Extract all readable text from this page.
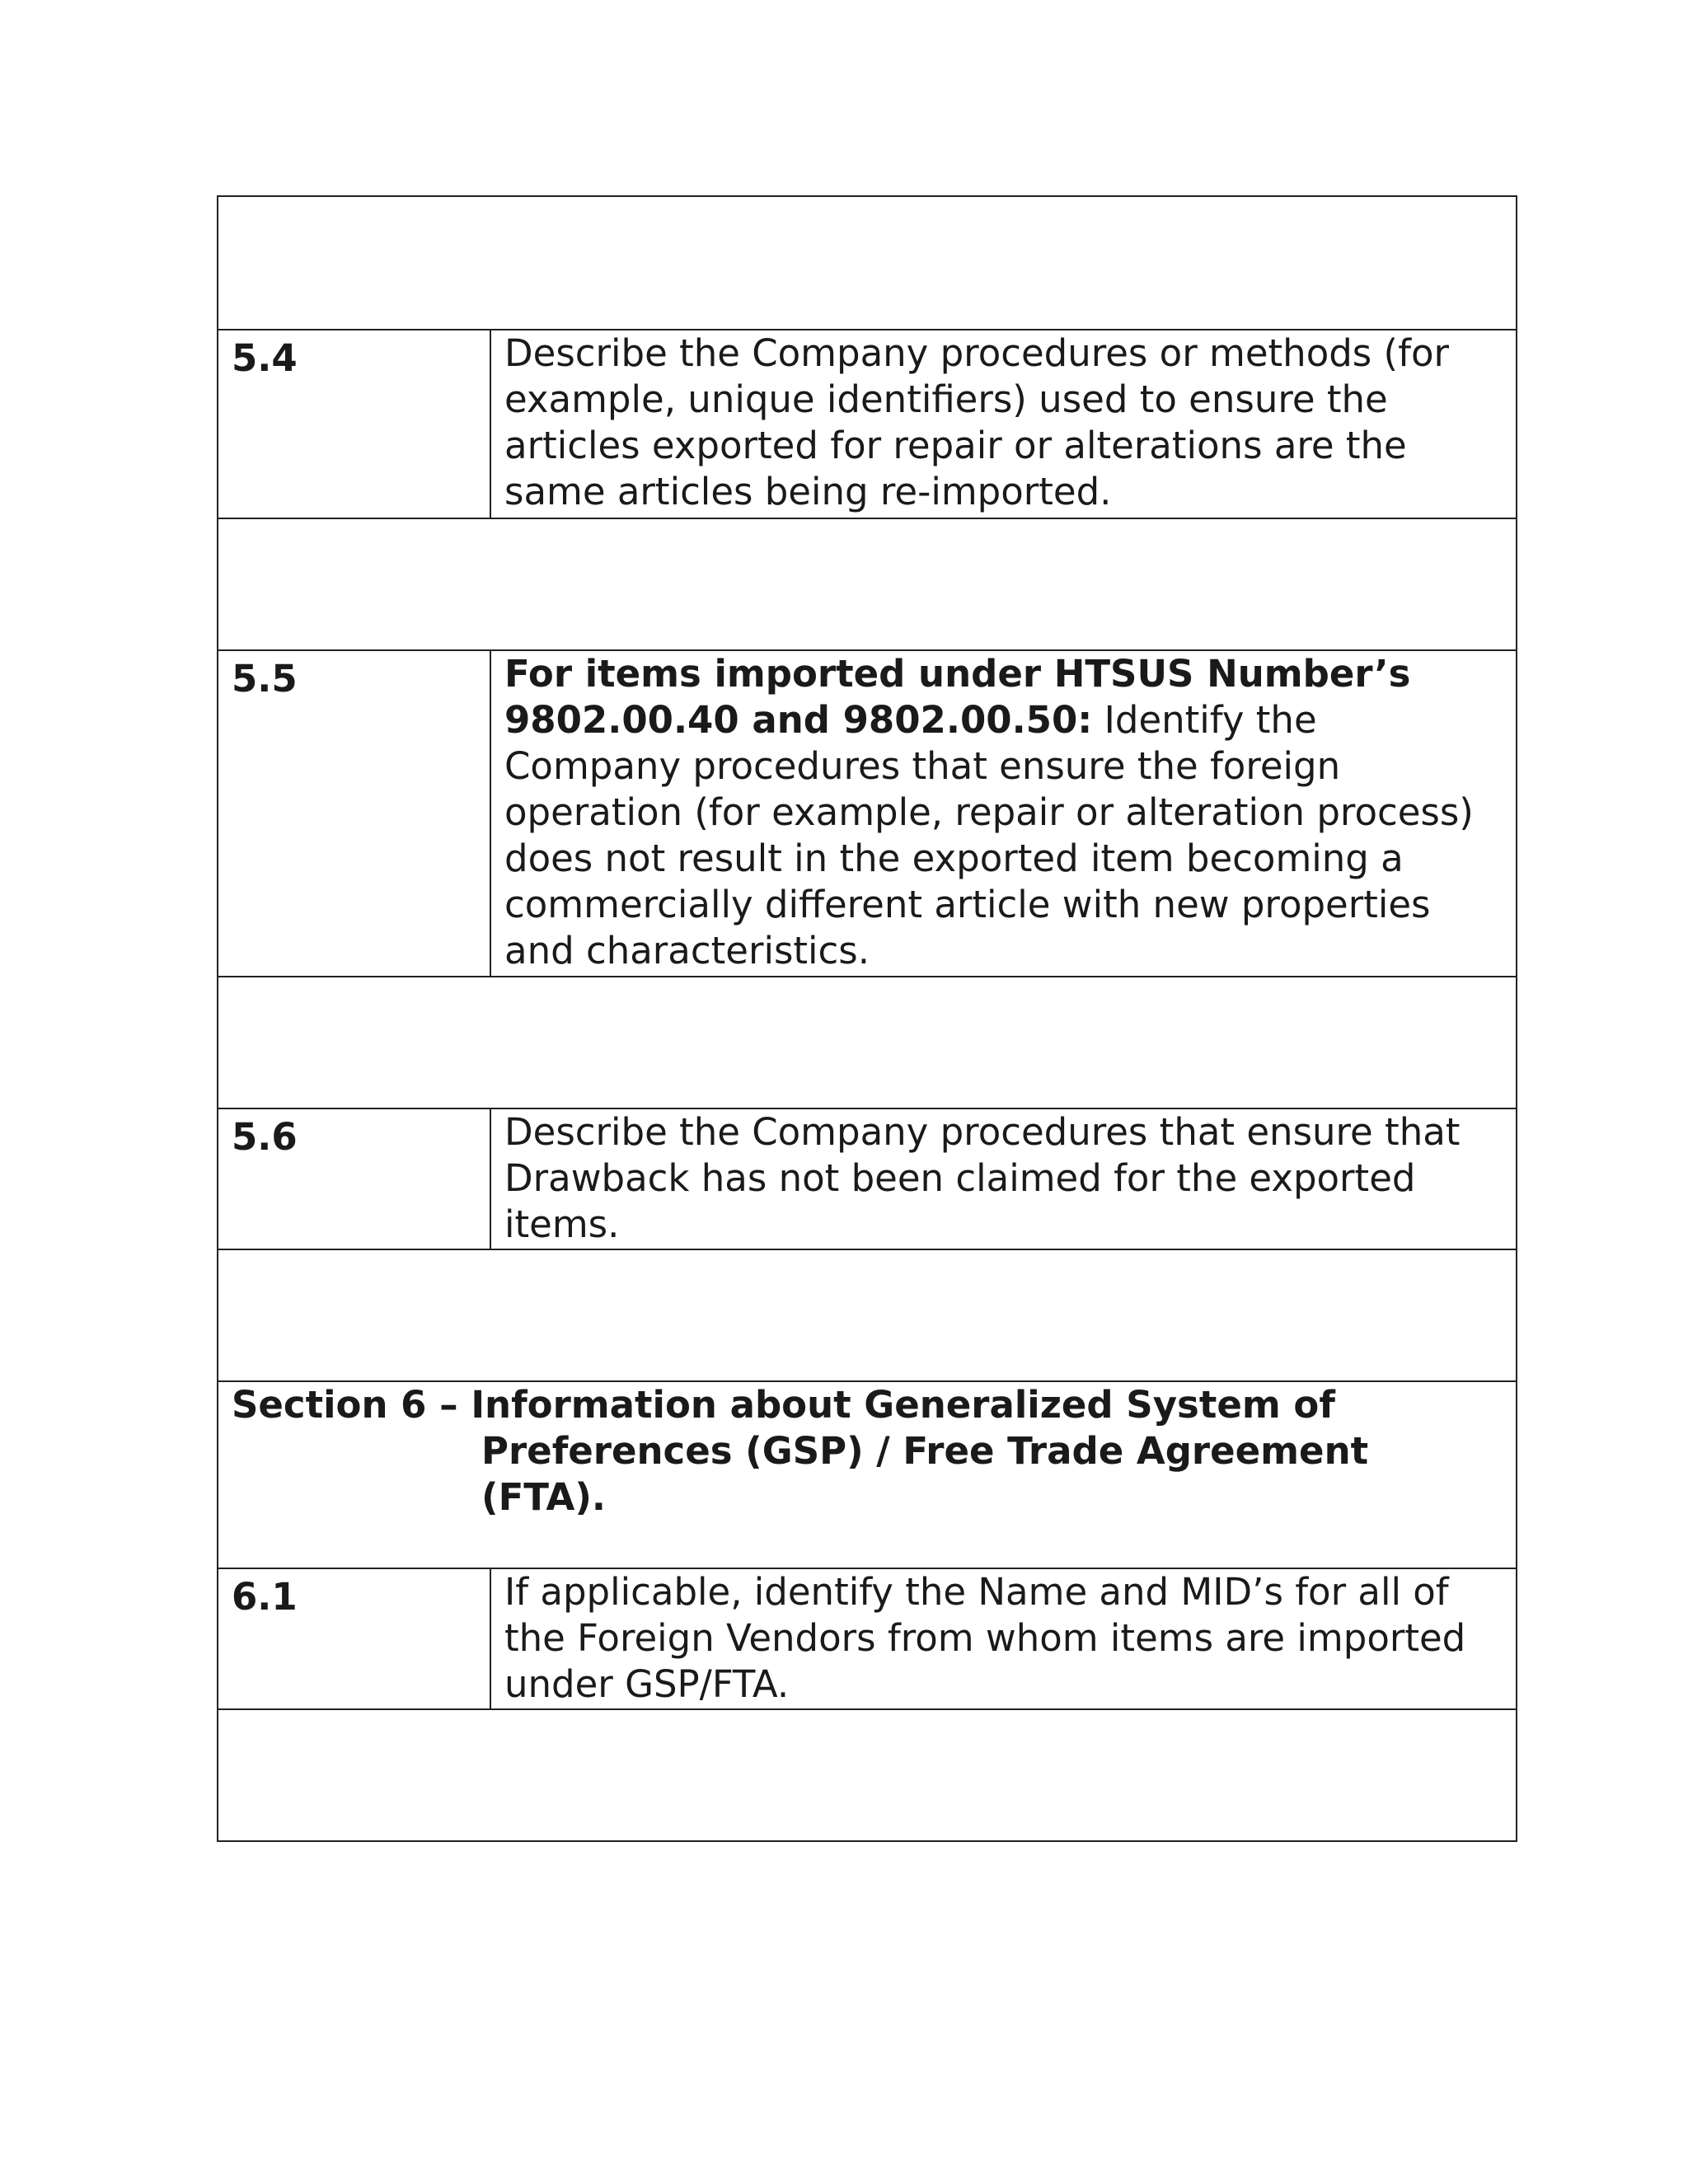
5.4	Describe the Company procedures or methods (for example, unique identifiers) used to ensure the articles exported for repair or alterations are the same articles being re-imported.
5.5	For items imported under HTSUS Number’s 9802.00.40 and 9802.00.50: Identify the Company procedures that ensure the foreign operation (for example, repair or alteration process) does not result in the exported item becoming a commercially different article with new properties and characteristics.
5.6	Describe the Company procedures that ensure that Drawback has not been claimed for the exported items.
Section 6 – Information about Generalized System of
Preferences (GSP) / Free Trade Agreement
(FTA).
6.1	If applicable, identify the Name and MID’s for all of the Foreign Vendors from whom items are imported under GSP/FTA.
